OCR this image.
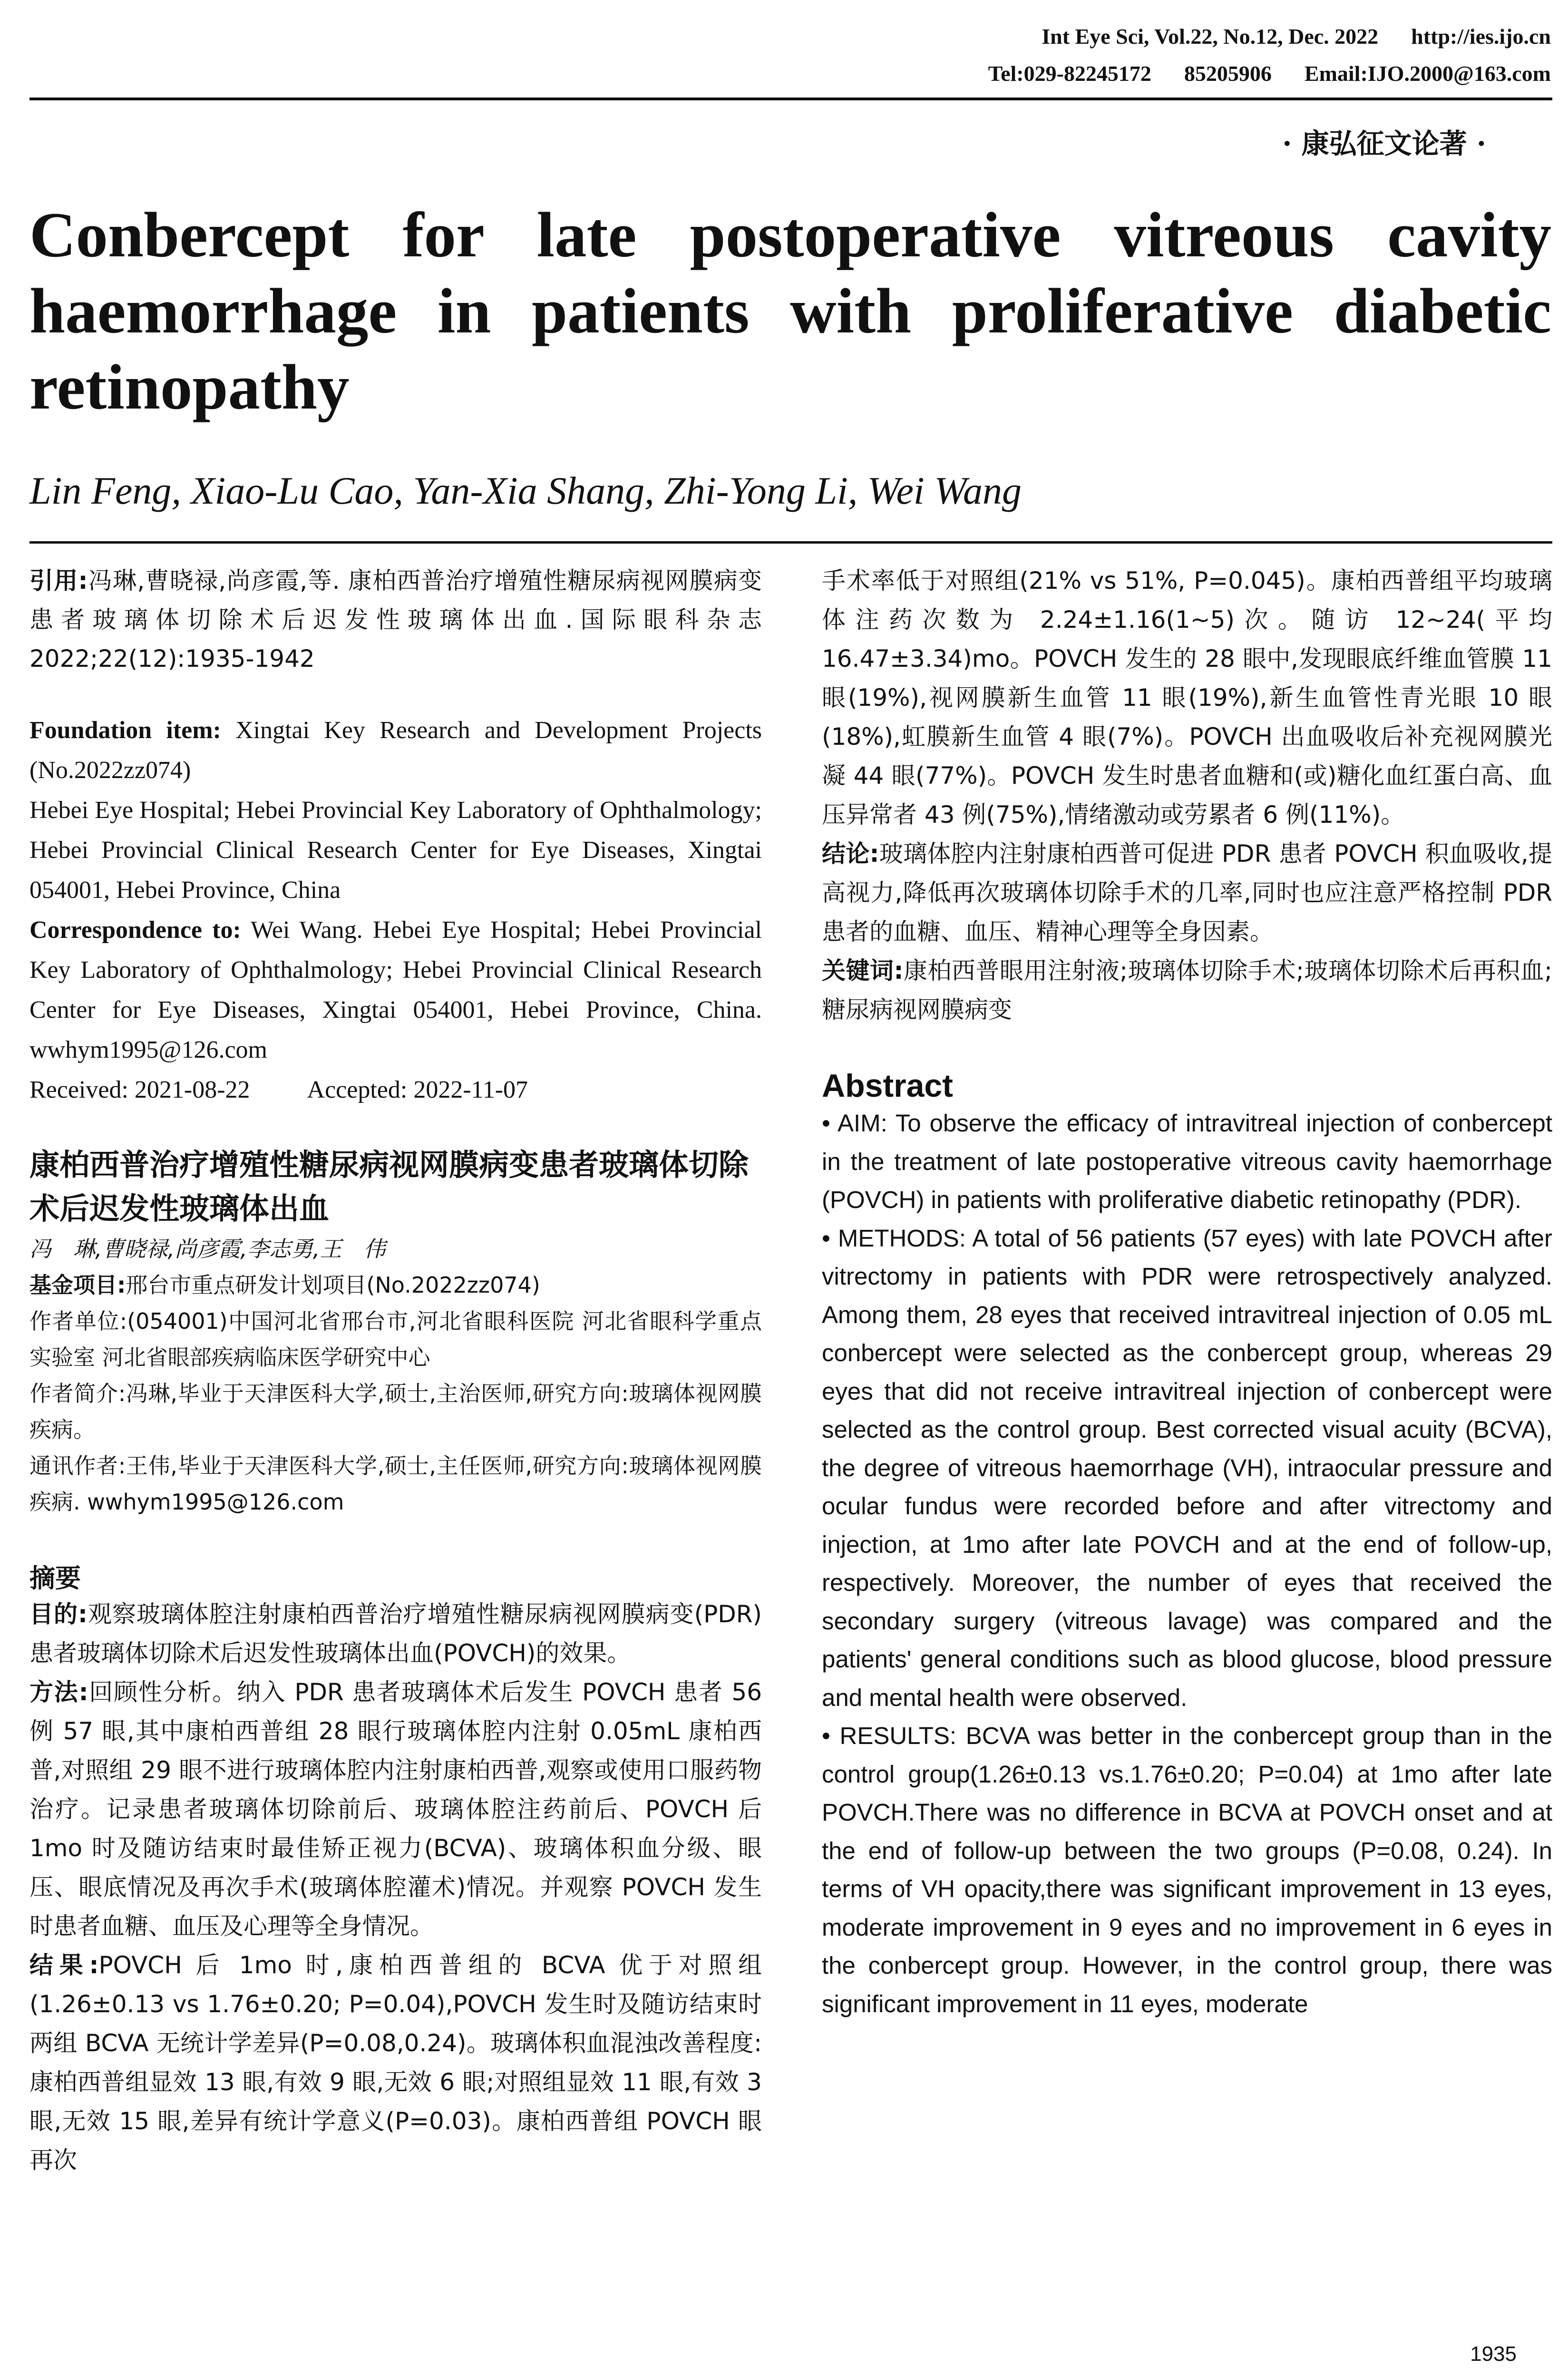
Int Eye Sci, Vol.22, No.12, Dec. 2022      http://ies.ijo.cn
Tel:029-82245172      85205906      Email:IJO.2000@163.com
· 康弘征文论著 ·
Conbercept for late postoperative vitreous cavity haemorrhage in patients with proliferative diabetic retinopathy
Lin Feng, Xiao-Lu Cao, Yan-Xia Shang, Zhi-Yong Li, Wei Wang

引用:冯琳,曹晓禄,尚彦霞,等. 康柏西普治疗增殖性糖尿病视网膜病变患者玻璃体切除术后迟发性玻璃体出血.国际眼科杂志 2022;22(12):1935-1942

Foundation item: Xingtai Key Research and Development Projects (No.2022zz074)

Hebei Eye Hospital; Hebei Provincial Key Laboratory of Ophthalmology; Hebei Provincial Clinical Research Center for Eye Diseases, Xingtai 054001, Hebei Province, China

Correspondence to: Wei Wang. Hebei Eye Hospital; Hebei Provincial Key Laboratory of Ophthalmology; Hebei Provincial Clinical Research Center for Eye Diseases, Xingtai 054001, Hebei Province, China. wwhym1995@126.com

Received: 2021-08-22 Accepted: 2022-11-07

康柏西普治疗增殖性糖尿病视网膜病变患者玻璃体切除术后迟发性玻璃体出血

冯　琳,曹晓禄,尚彦霞,李志勇,王　伟

基金项目:邢台市重点研发计划项目(No.2022zz074)

作者单位:(054001)中国河北省邢台市,河北省眼科医院 河北省眼科学重点实验室 河北省眼部疾病临床医学研究中心

作者简介:冯琳,毕业于天津医科大学,硕士,主治医师,研究方向:玻璃体视网膜疾病。

通讯作者:王伟,毕业于天津医科大学,硕士,主任医师,研究方向:玻璃体视网膜疾病. wwhym1995@126.com

摘要

目的:观察玻璃体腔注射康柏西普治疗增殖性糖尿病视网膜病变(PDR)患者玻璃体切除术后迟发性玻璃体出血(POVCH)的效果。

方法:回顾性分析。纳入 PDR 患者玻璃体术后发生 POVCH 患者 56 例 57 眼,其中康柏西普组 28 眼行玻璃体腔内注射 0.05mL 康柏西普,对照组 29 眼不进行玻璃体腔内注射康柏西普,观察或使用口服药物治疗。记录患者玻璃体切除前后、玻璃体腔注药前后、POVCH 后 1mo 时及随访结束时最佳矫正视力(BCVA)、玻璃体积血分级、眼压、眼底情况及再次手术(玻璃体腔灌术)情况。并观察 POVCH 发生时患者血糖、血压及心理等全身情况。

结果:POVCH 后 1mo 时,康柏西普组的 BCVA 优于对照组(1.26±0.13 vs 1.76±0.20; P=0.04),POVCH 发生时及随访结束时两组 BCVA 无统计学差异(P=0.08,0.24)。玻璃体积血混浊改善程度:康柏西普组显效 13 眼,有效 9 眼,无效 6 眼;对照组显效 11 眼,有效 3 眼,无效 15 眼,差异有统计学意义(P=0.03)。康柏西普组 POVCH 眼再次

手术率低于对照组(21% vs 51%, P=0.045)。康柏西普组平均玻璃体注药次数为 2.24±1.16(1~5)次。随访 12~24(平均 16.47±3.34)mo。POVCH 发生的 28 眼中,发现眼底纤维血管膜 11 眼(19%),视网膜新生血管 11 眼(19%),新生血管性青光眼 10 眼(18%),虹膜新生血管 4 眼(7%)。POVCH 出血吸收后补充视网膜光凝 44 眼(77%)。POVCH 发生时患者血糖和(或)糖化血红蛋白高、血压异常者 43 例(75%),情绪激动或劳累者 6 例(11%)。

结论:玻璃体腔内注射康柏西普可促进 PDR 患者 POVCH 积血吸收,提高视力,降低再次玻璃体切除手术的几率,同时也应注意严格控制 PDR 患者的血糖、血压、精神心理等全身因素。

关键词:康柏西普眼用注射液;玻璃体切除手术;玻璃体切除术后再积血;糖尿病视网膜病变

Abstract

• AIM: To observe the efficacy of intravitreal injection of conbercept in the treatment of late postoperative vitreous cavity haemorrhage (POVCH) in patients with proliferative diabetic retinopathy (PDR).

• METHODS: A total of 56 patients (57 eyes) with late POVCH after vitrectomy in patients with PDR were retrospectively analyzed. Among them, 28 eyes that received intravitreal injection of 0.05 mL conbercept were selected as the conbercept group, whereas 29 eyes that did not receive intravitreal injection of conbercept were selected as the control group. Best corrected visual acuity (BCVA), the degree of vitreous haemorrhage (VH), intraocular pressure and ocular fundus were recorded before and after vitrectomy and injection, at 1mo after late POVCH and at the end of follow-up, respectively. Moreover, the number of eyes that received the secondary surgery (vitreous lavage) was compared and the patients' general conditions such as blood glucose, blood pressure and mental health were observed.

• RESULTS: BCVA was better in the conbercept group than in the control group(1.26±0.13 vs.1.76±0.20; P=0.04) at 1mo after late POVCH.There was no difference in BCVA at POVCH onset and at the end of follow-up between the two groups (P=0.08, 0.24). In terms of VH opacity,there was significant improvement in 13 eyes, moderate improvement in 9 eyes and no improvement in 6 eyes in the conbercept group. However, in the control group, there was significant improvement in 11 eyes, moderate

1935
